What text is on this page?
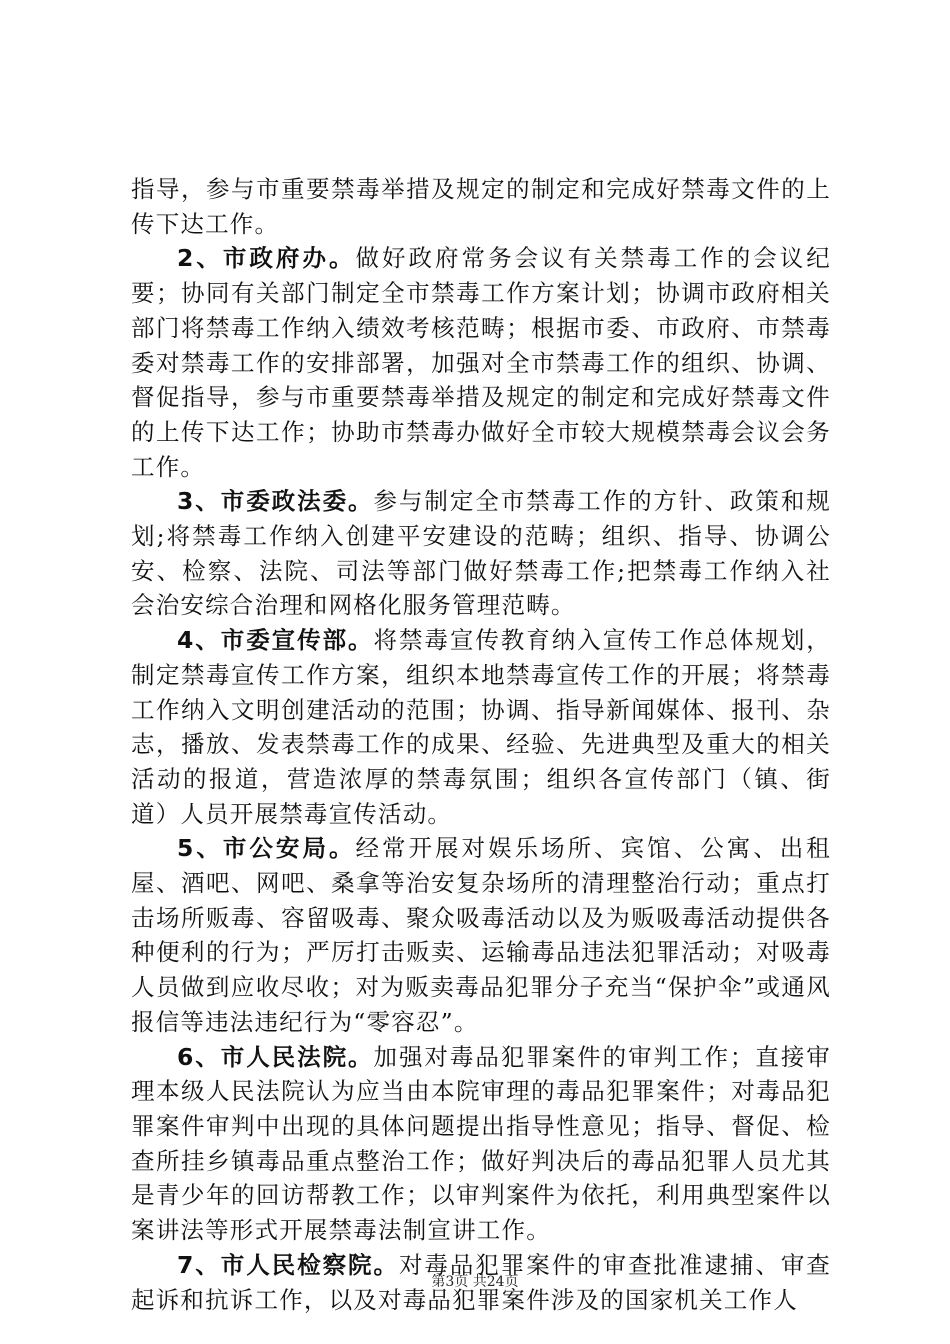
指导，参与市重要禁毒举措及规定的制定和完成好禁毒文件的上传下达工作。

2、市政府办。做好政府常务会议有关禁毒工作的会议纪要；协同有关部门制定全市禁毒工作方案计划；协调市政府相关部门将禁毒工作纳入绩效考核范畴；根据市委、市政府、市禁毒委对禁毒工作的安排部署，加强对全市禁毒工作的组织、协调、督促指导，参与市重要禁毒举措及规定的制定和完成好禁毒文件的上传下达工作；协助市禁毒办做好全市较大规模禁毒会议会务工作。

3、市委政法委。参与制定全市禁毒工作的方针、政策和规划;将禁毒工作纳入创建平安建设的范畴；组织、指导、协调公安、检察、法院、司法等部门做好禁毒工作;把禁毒工作纳入社会治安综合治理和网格化服务管理范畴。

4、市委宣传部。将禁毒宣传教育纳入宣传工作总体规划，制定禁毒宣传工作方案，组织本地禁毒宣传工作的开展；将禁毒工作纳入文明创建活动的范围；协调、指导新闻媒体、报刊、杂志，播放、发表禁毒工作的成果、经验、先进典型及重大的相关活动的报道，营造浓厚的禁毒氛围；组织各宣传部门（镇、街道）人员开展禁毒宣传活动。

5、市公安局。经常开展对娱乐场所、宾馆、公寓、出租屋、酒吧、网吧、桑拿等治安复杂场所的清理整治行动；重点打击场所贩毒、容留吸毒、聚众吸毒活动以及为贩吸毒活动提供各种便利的行为；严厉打击贩卖、运输毒品违法犯罪活动；对吸毒人员做到应收尽收；对为贩卖毒品犯罪分子充当“保护伞”或通风报信等违法违纪行为“零容忍”。

6、市人民法院。加强对毒品犯罪案件的审判工作；直接审理本级人民法院认为应当由本院审理的毒品犯罪案件；对毒品犯罪案件审判中出现的具体问题提出指导性意见；指导、督促、检查所挂乡镇毒品重点整治工作；做好判决后的毒品犯罪人员尤其是青少年的回访帮教工作；以审判案件为依托，利用典型案件以案讲法等形式开展禁毒法制宣讲工作。

7、市人民检察院。对毒品犯罪案件的审查批准逮捕、审查起诉和抗诉工作，以及对毒品犯罪案件涉及的国家机关工作人

第3页 共24页
